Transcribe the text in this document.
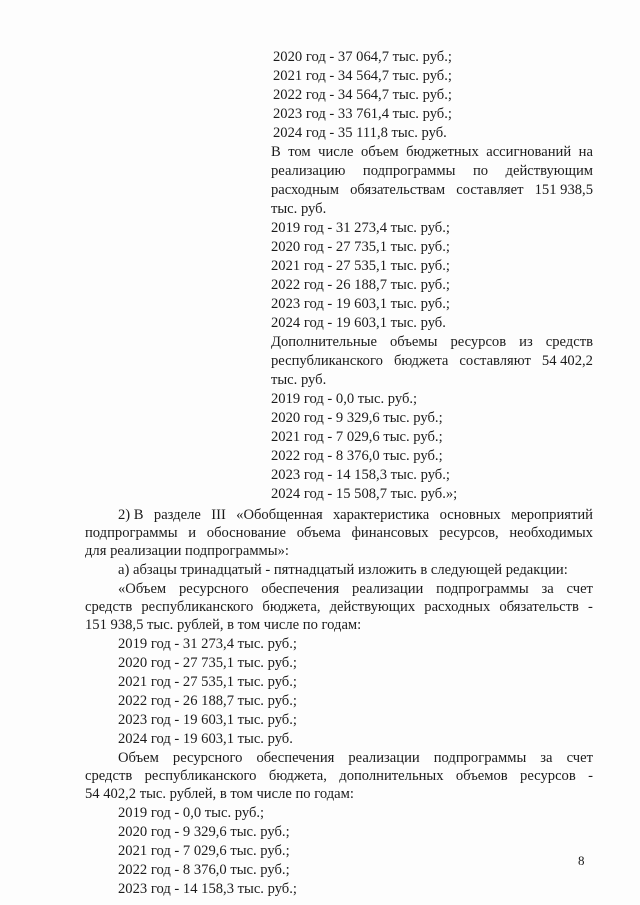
2020 год - 37 064,7 тыс. руб.;
2021 год - 34 564,7 тыс. руб.;
2022 год - 34 564,7 тыс. руб.;
2023 год - 33 761,4 тыс. руб.;
2024 год - 35 111,8 тыс. руб.
В том числе объем бюджетных ассигнований на
реализацию подпрограммы по действующим
расходным обязательствам составляет 151 938,5
тыс. руб.
2019 год - 31 273,4 тыс. руб.;
2020 год - 27 735,1 тыс. руб.;
2021 год - 27 535,1 тыс. руб.;
2022 год - 26 188,7 тыс. руб.;
2023 год - 19 603,1 тыс. руб.;
2024 год - 19 603,1 тыс. руб.
Дополнительные объемы ресурсов из средств
республиканского бюджета составляют 54 402,2
тыс. руб.
2019 год - 0,0 тыс. руб.;
2020 год - 9 329,6 тыс. руб.;
2021 год - 7 029,6 тыс. руб.;
2022 год - 8 376,0 тыс. руб.;
2023 год - 14 158,3 тыс. руб.;
2024 год - 15 508,7 тыс. руб.»;
2) В разделе III «Обобщенная характеристика основных мероприятий
подпрограммы и обоснование объема финансовых ресурсов, необходимых
для реализации подпрограммы»:
а) абзацы тринадцатый - пятнадцатый изложить в следующей редакции:
«Объем ресурсного обеспечения реализации подпрограммы за счет
средств республиканского бюджета, действующих расходных обязательств -
151 938,5 тыс. рублей, в том числе по годам:
2019 год - 31 273,4 тыс. руб.;
2020 год - 27 735,1 тыс. руб.;
2021 год - 27 535,1 тыс. руб.;
2022 год - 26 188,7 тыс. руб.;
2023 год - 19 603,1 тыс. руб.;
2024 год - 19 603,1 тыс. руб.
Объем ресурсного обеспечения реализации подпрограммы за счет
средств республиканского бюджета, дополнительных объемов ресурсов -
54 402,2 тыс. рублей, в том числе по годам:
2019 год - 0,0 тыс. руб.;
2020 год - 9 329,6 тыс. руб.;
2021 год - 7 029,6 тыс. руб.;
2022 год - 8 376,0 тыс. руб.;
2023 год - 14 158,3 тыс. руб.;
8
